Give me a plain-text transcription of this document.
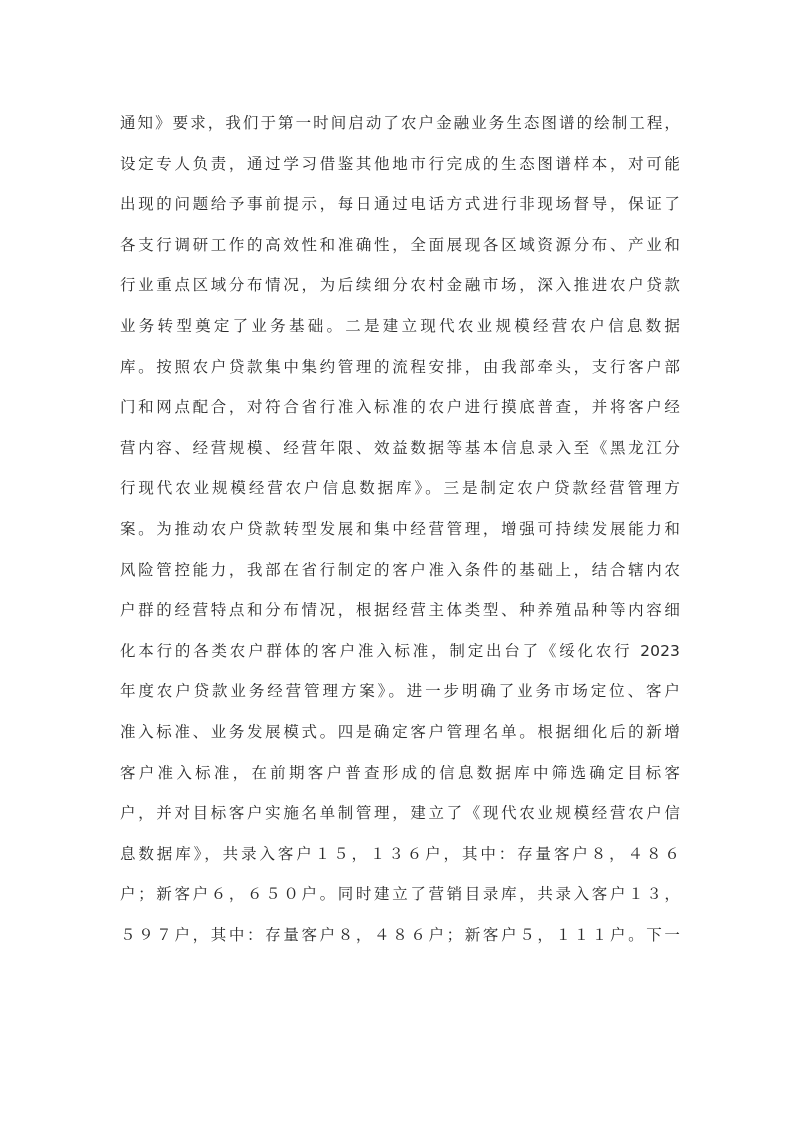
通知》要求，我们于第一时间启动了农户金融业务生态图谱的绘制工程，
设定专人负责，通过学习借鉴其他地市行完成的生态图谱样本，对可能
出现的问题给予事前提示，每日通过电话方式进行非现场督导，保证了
各支行调研工作的高效性和准确性，全面展现各区域资源分布、产业和
行业重点区域分布情况，为后续细分农村金融市场，深入推进农户贷款
业务转型奠定了业务基础。二是建立现代农业规模经营农户信息数据
库。按照农户贷款集中集约管理的流程安排，由我部牵头，支行客户部
门和网点配合，对符合省行准入标准的农户进行摸底普查，并将客户经
营内容、经营规模、经营年限、效益数据等基本信息录入至《黑龙江分
行现代农业规模经营农户信息数据库》。三是制定农户贷款经营管理方
案。为推动农户贷款转型发展和集中经营管理，增强可持续发展能力和
风险管控能力，我部在省行制定的客户准入条件的基础上，结合辖内农
户群的经营特点和分布情况，根据经营主体类型、种养殖品种等内容细
化本行的各类农户群体的客户准入标准，制定出台了《绥化农行 2023
年度农户贷款业务经营管理方案》。进一步明确了业务市场定位、客户
准入标准、业务发展模式。四是确定客户管理名单。根据细化后的新增
客户准入标准，在前期客户普查形成的信息数据库中筛选确定目标客
户，并对目标客户实施名单制管理，建立了《现代农业规模经营农户信
息数据库》，共录入客户１５，１３６户，其中：存量客户８，４８６
户；新客户６，６５０户。同时建立了营销目录库，共录入客户１３，
５９７户，其中：存量客户８，４８６户；新客户５，１１１户。下一
